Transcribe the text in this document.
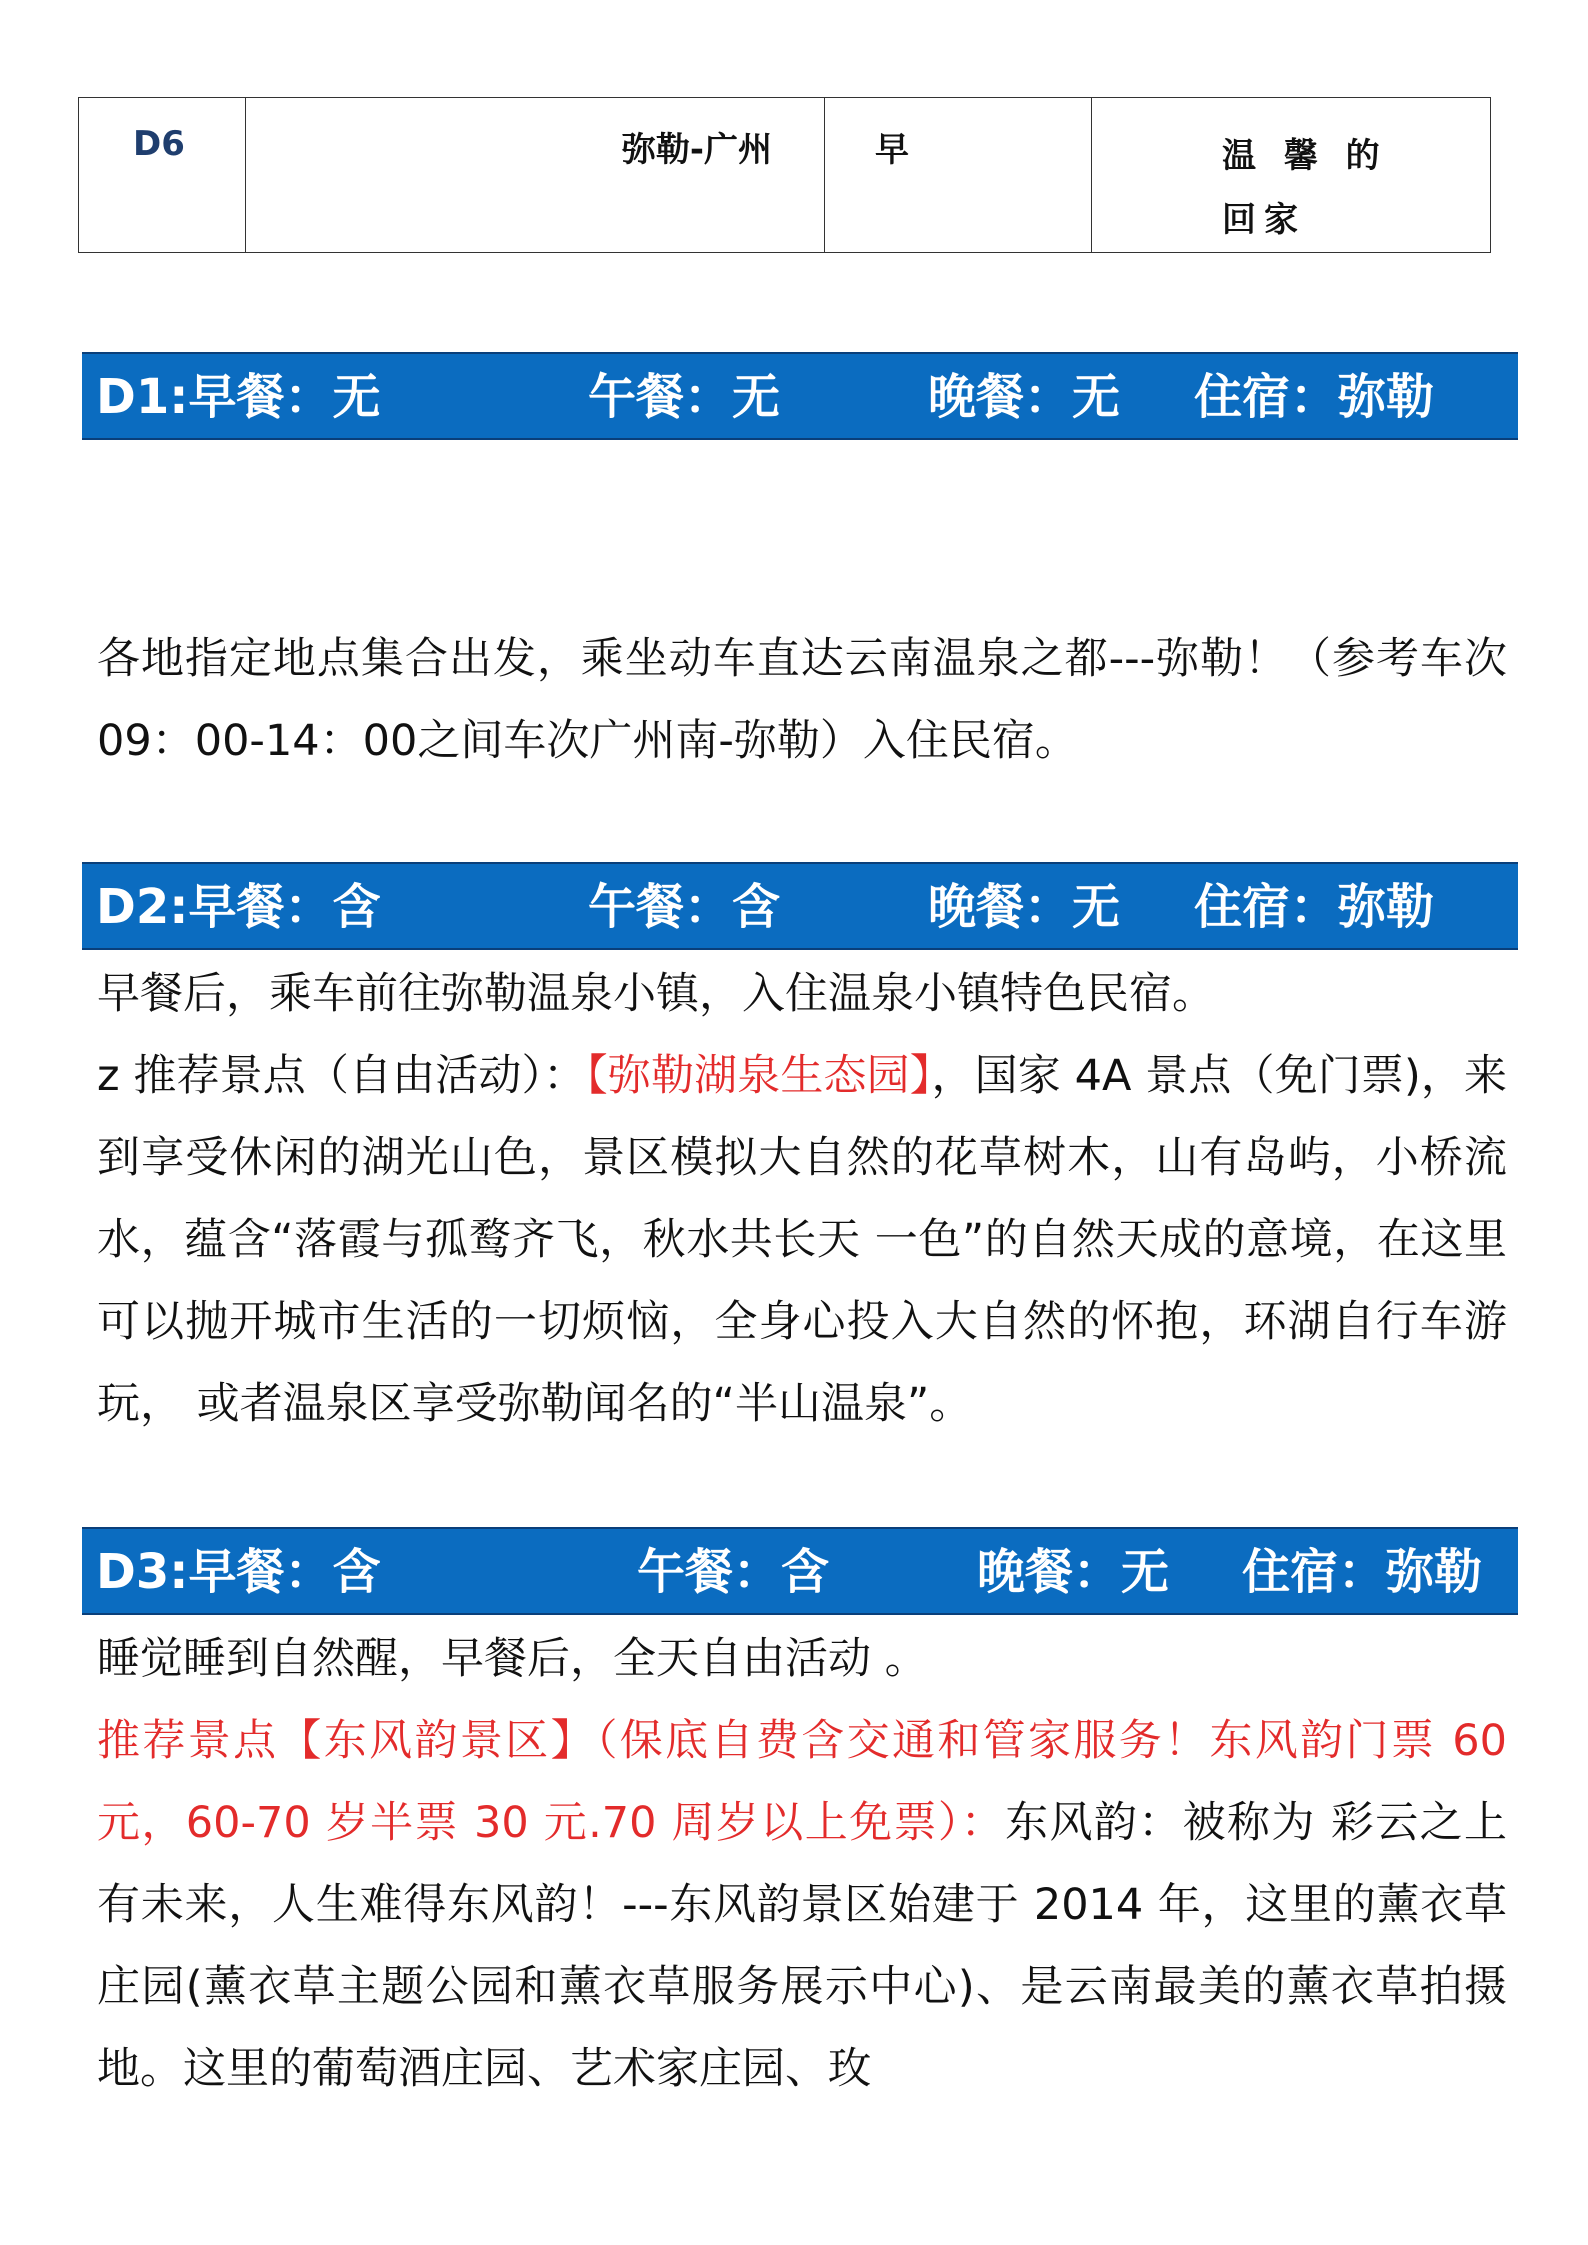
D6	弥勒-广州	早	温 馨 的
回家
D1:早餐：无	午餐：无	晚餐：无 住宿：弥勒

各地指定地点集合出发，乘坐动车直达云南温泉之都---弥勒！（参考车次09：00-14：00之间车次广州南-弥勒）入住民宿。

D2:早餐：含	午餐：含	晚餐：无 住宿：弥勒

早餐后，乘车前往弥勒温泉小镇，入住温泉小镇特色民宿。

z 推荐景点（自由活动）：【弥勒湖泉生态园】，国家 4A 景点（免门票)，来到享受休闲的湖光山色，景区模拟大自然的花草树木，山有岛屿，小桥流水，蕴含“落霞与孤鹜齐飞，秋水共长天 一色”的自然天成的意境，在这里可以抛开城市生活的一切烦恼，全身心投入大自然的怀抱，环湖自行车游玩， 或者温泉区享受弥勒闻名的“半山温泉”。

D3:早餐：含	午餐：含	晚餐：无 住宿：弥勒

睡觉睡到自然醒，早餐后，全天自由活动 。

推荐景点【东风韵景区】（保底自费含交通和管家服务！东风韵门票 60 元，60-70 岁半票 30 元.70 周岁以上免票）：东风韵：被称为 彩云之上有未来，人生难得东风韵！---东风韵景区始建于 2014 年，这里的薰衣草庄园(薰衣草主题公园和薰衣草服务展示中心)、是云南最美的薰衣草拍摄地。这里的葡萄酒庄园、艺术家庄园、玫
